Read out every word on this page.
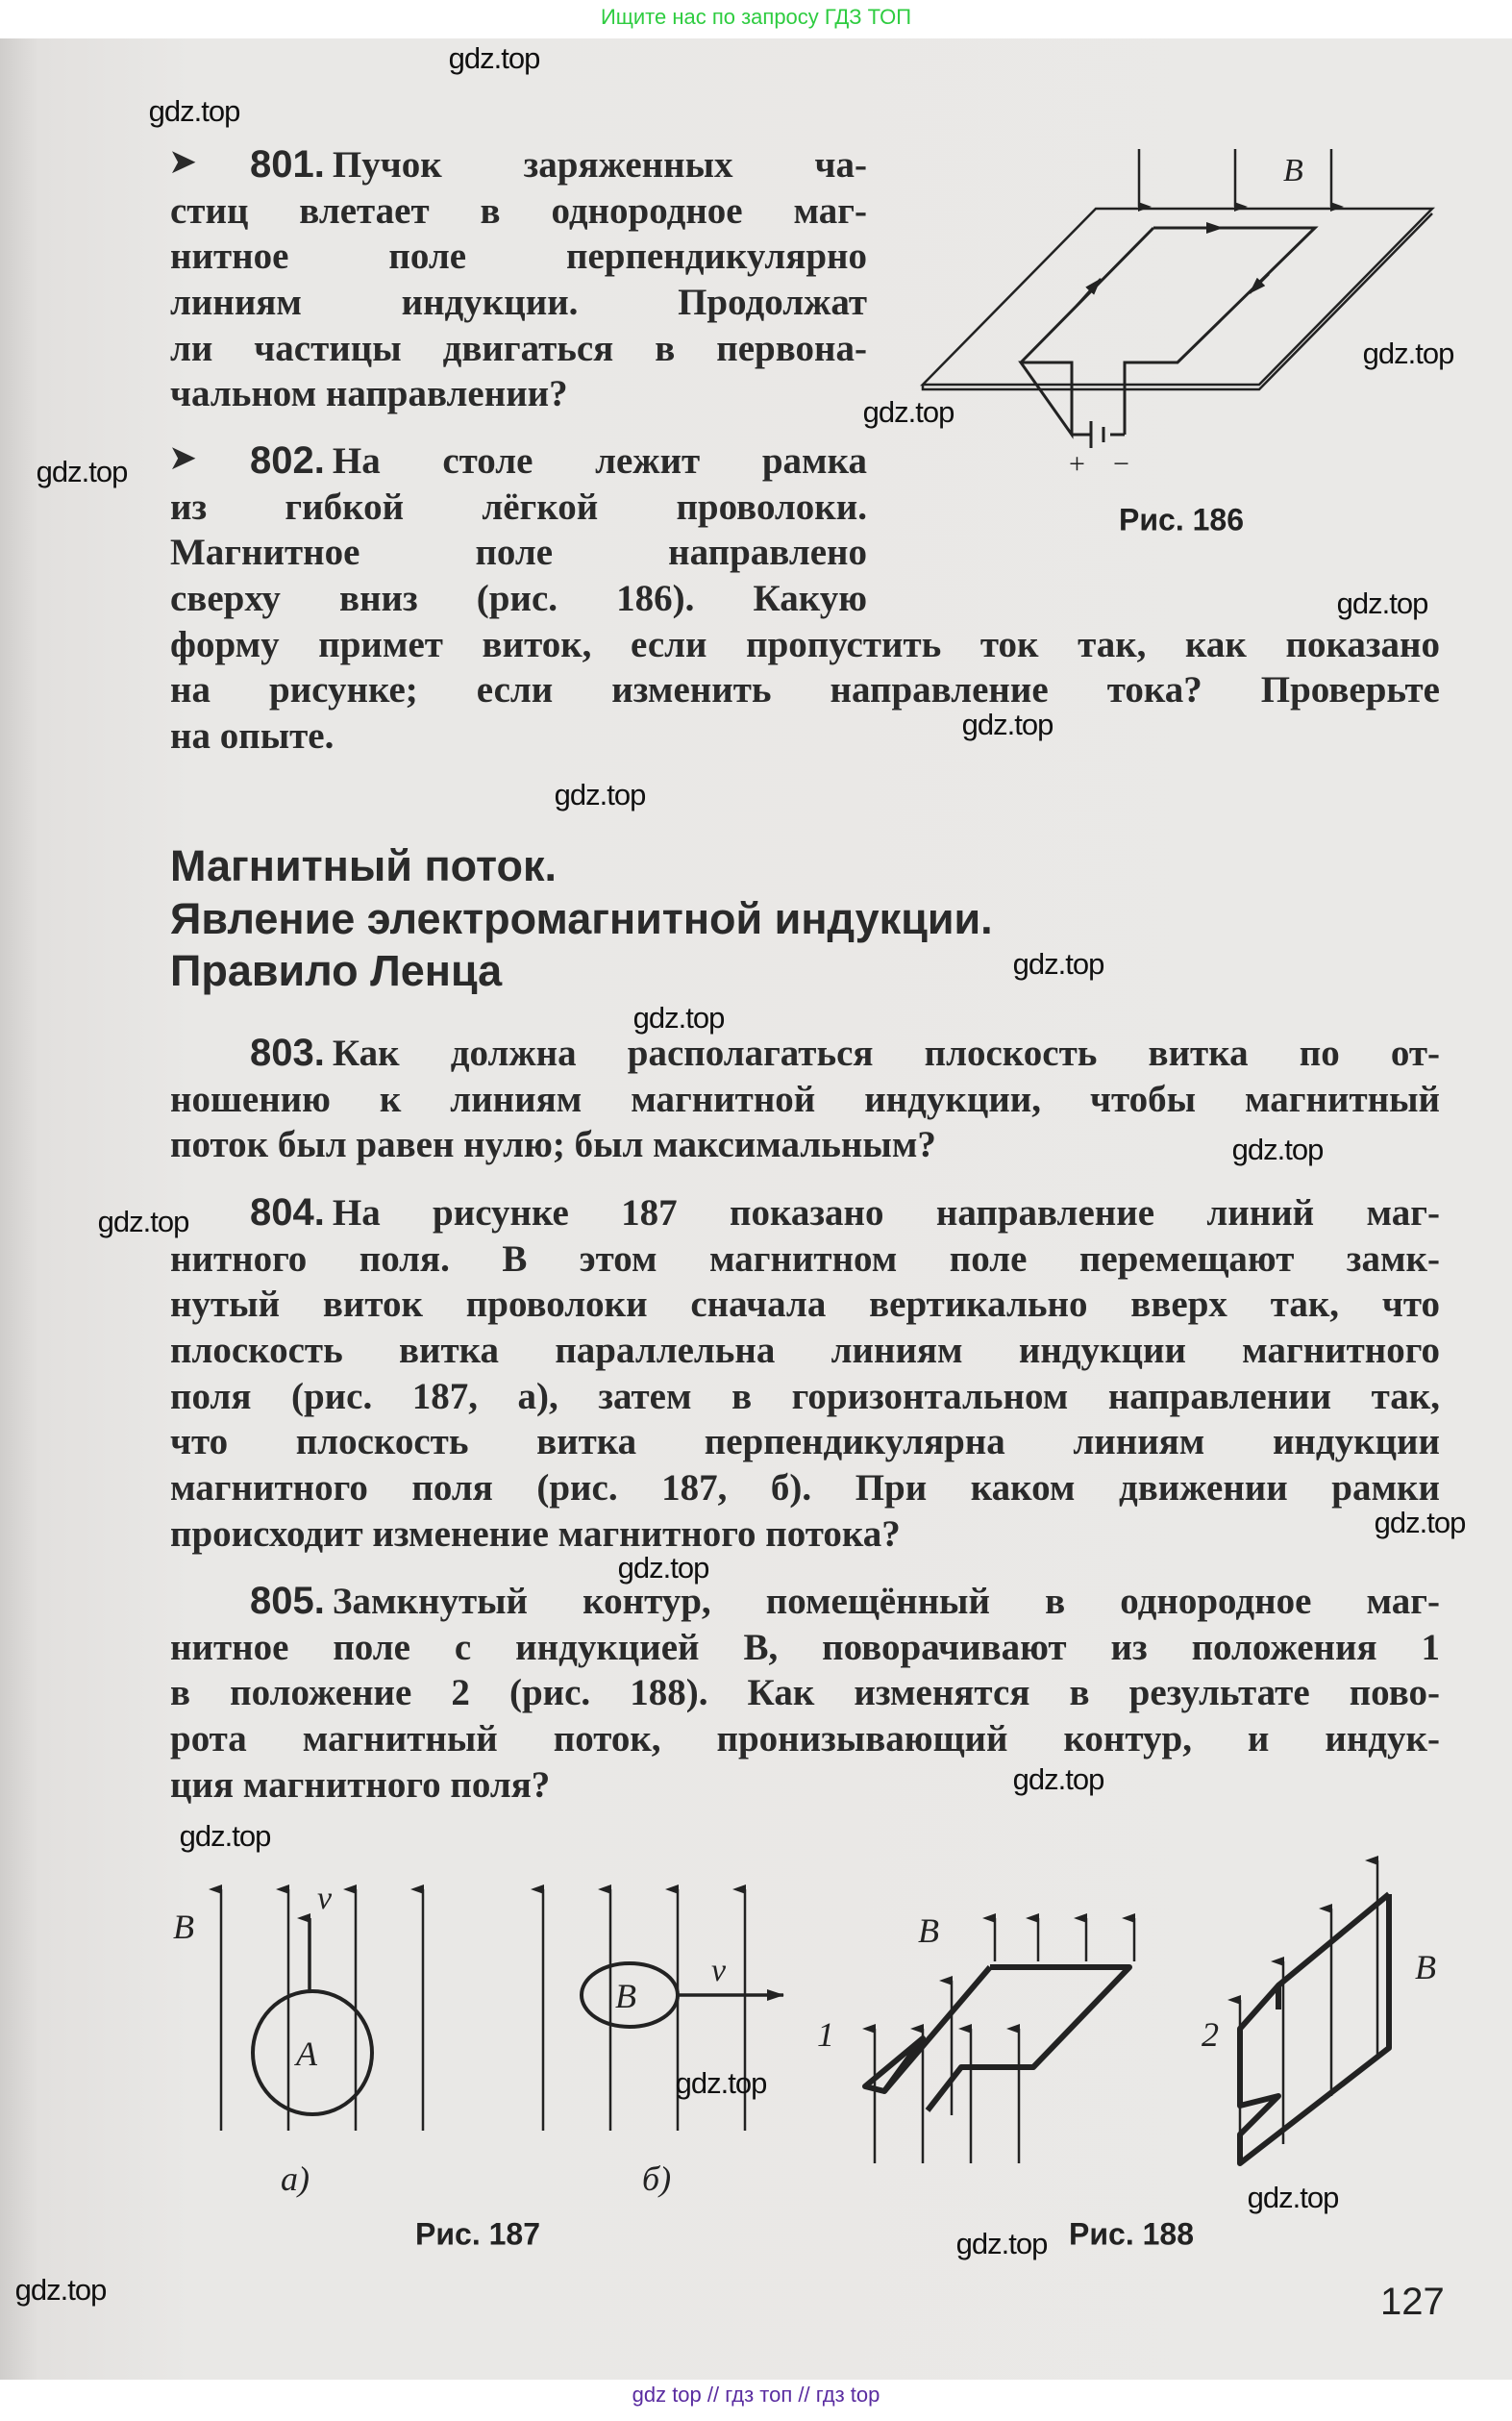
Ищите нас по запросу ГДЗ ТОП
➤ 801. Пучок заряженных ча-
стиц влетает в однородное маг-
нитное поле перпендикулярно
линиям индукции. Продолжат
ли частицы двигаться в первона-
чальном направлении?
➤ 802. На столе лежит рамка
из гибкой лёгкой проволоки.
Магнитное поле направлено
сверху вниз (рис. 186). Какую
форму примет виток, если пропустить ток так, как показано
на рисунке; если изменить направление тока? Проверьте
на опыте.
Магнитный поток.
Явление электромагнитной индукции.
Правило Ленца
803. Как должна располагаться плоскость витка по от-
ношению к линиям магнитной индукции, чтобы магнитный
поток был равен нулю; был максимальным?
804. На рисунке 187 показано направление линий маг-
нитного поля. В этом магнитном поле перемещают замк-
нутый виток проволоки сначала вертикально вверх так, что
плоскость витка параллельна линиям индукции магнитного
поля (рис. 187, а), затем в горизонтальном направлении так,
что плоскость витка перпендикулярна линиям индукции
магнитного поля (рис. 187, б). При каком движении рамки
происходит изменение магнитного потока?
805. Замкнутый контур, помещённый в однородное маг-
нитное поле с индукцией B, поворачивают из положения 1
в положение 2 (рис. 188). Как изменятся в результате пово-
рота магнитный поток, пронизывающий контур, и индук-
ция магнитного поля?
B
+ −
B
v
A
B
v
а)	б)
B
1	2
B
Рис. 186
Рис. 187	Рис. 188
127
gdz.top
gdz.top
gdz.top
gdz.top
gdz.top
gdz.top
gdz.top
gdz.top
gdz.top
gdz.top
gdz.top
gdz.top
gdz.top
gdz.top
gdz.top
gdz.top
gdz.top
gdz.top
gdz.top
gdz.top
gdz top // гдз топ // гдз top
